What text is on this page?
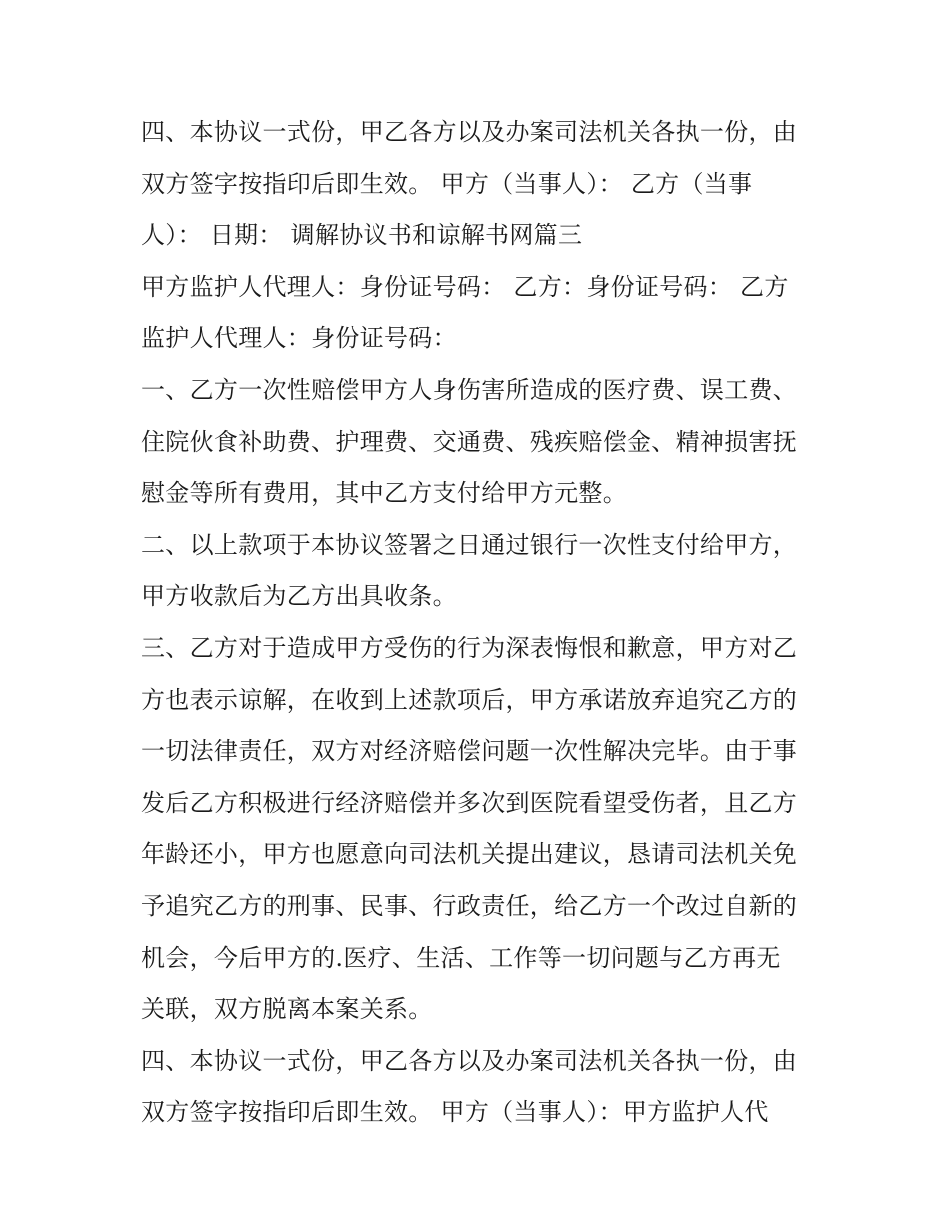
四、本协议一式份，甲乙各方以及办案司法机关各执一份，由
双方签字按指印后即生效。 甲方（当事人）： 乙方（当事
人）： 日期： 调解协议书和谅解书网篇三
甲方监护人代理人：身份证号码： 乙方：身份证号码： 乙方
监护人代理人：身份证号码：
一、乙方一次性赔偿甲方人身伤害所造成的医疗费、误工费、
住院伙食补助费、护理费、交通费、残疾赔偿金、精神损害抚
慰金等所有费用，其中乙方支付给甲方元整。
二、以上款项于本协议签署之日通过银行一次性支付给甲方，
甲方收款后为乙方出具收条。
三、乙方对于造成甲方受伤的行为深表悔恨和歉意，甲方对乙
方也表示谅解，在收到上述款项后，甲方承诺放弃追究乙方的
一切法律责任，双方对经济赔偿问题一次性解决完毕。由于事
发后乙方积极进行经济赔偿并多次到医院看望受伤者，且乙方
年龄还小，甲方也愿意向司法机关提出建议，恳请司法机关免
予追究乙方的刑事、民事、行政责任，给乙方一个改过自新的
机会，今后甲方的.医疗、生活、工作等一切问题与乙方再无
关联，双方脱离本案关系。
四、本协议一式份，甲乙各方以及办案司法机关各执一份，由
双方签字按指印后即生效。 甲方（当事人）：甲方监护人代
